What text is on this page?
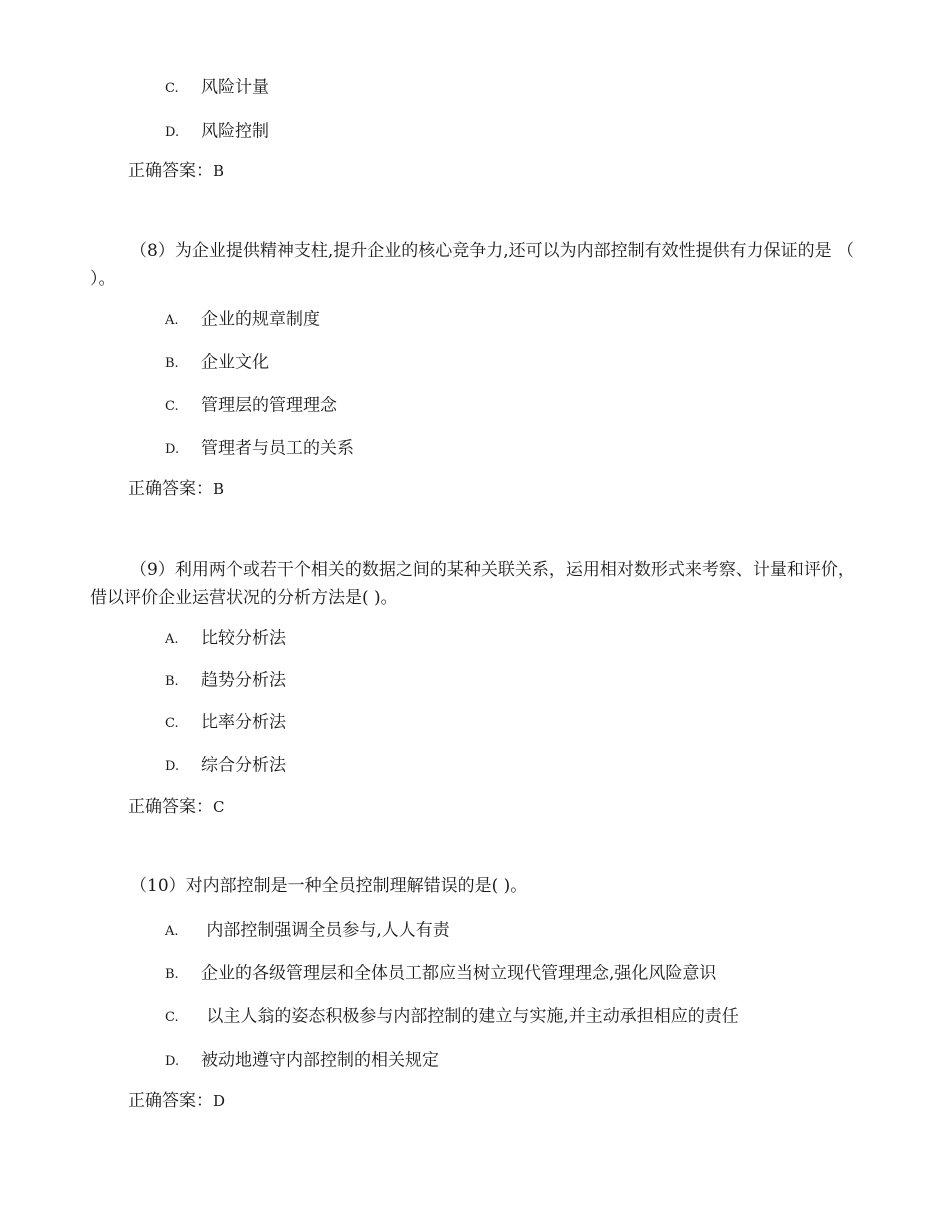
C. 风险计量
D. 风险控制
正确答案：B
（8）为企业提供精神支柱,提升企业的核心竞争力,还可以为内部控制有效性提供有力保证的是 （ ）。
A. 企业的规章制度
B. 企业文化
C. 管理层的管理理念
D. 管理者与员工的关系
正确答案：B
（9）利用两个或若干个相关的数据之间的某种关联关系，运用相对数形式来考察、计量和评价，借以评价企业运营状况的分析方法是( )。
A. 比较分析法
B. 趋势分析法
C. 比率分析法
D. 综合分析法
正确答案：C
（10）对内部控制是一种全员控制理解错误的是( )。
A. 内部控制强调全员参与,人人有责
B. 企业的各级管理层和全体员工都应当树立现代管理理念,强化风险意识
C. 以主人翁的姿态积极参与内部控制的建立与实施,并主动承担相应的责任
D. 被动地遵守内部控制的相关规定
正确答案：D
